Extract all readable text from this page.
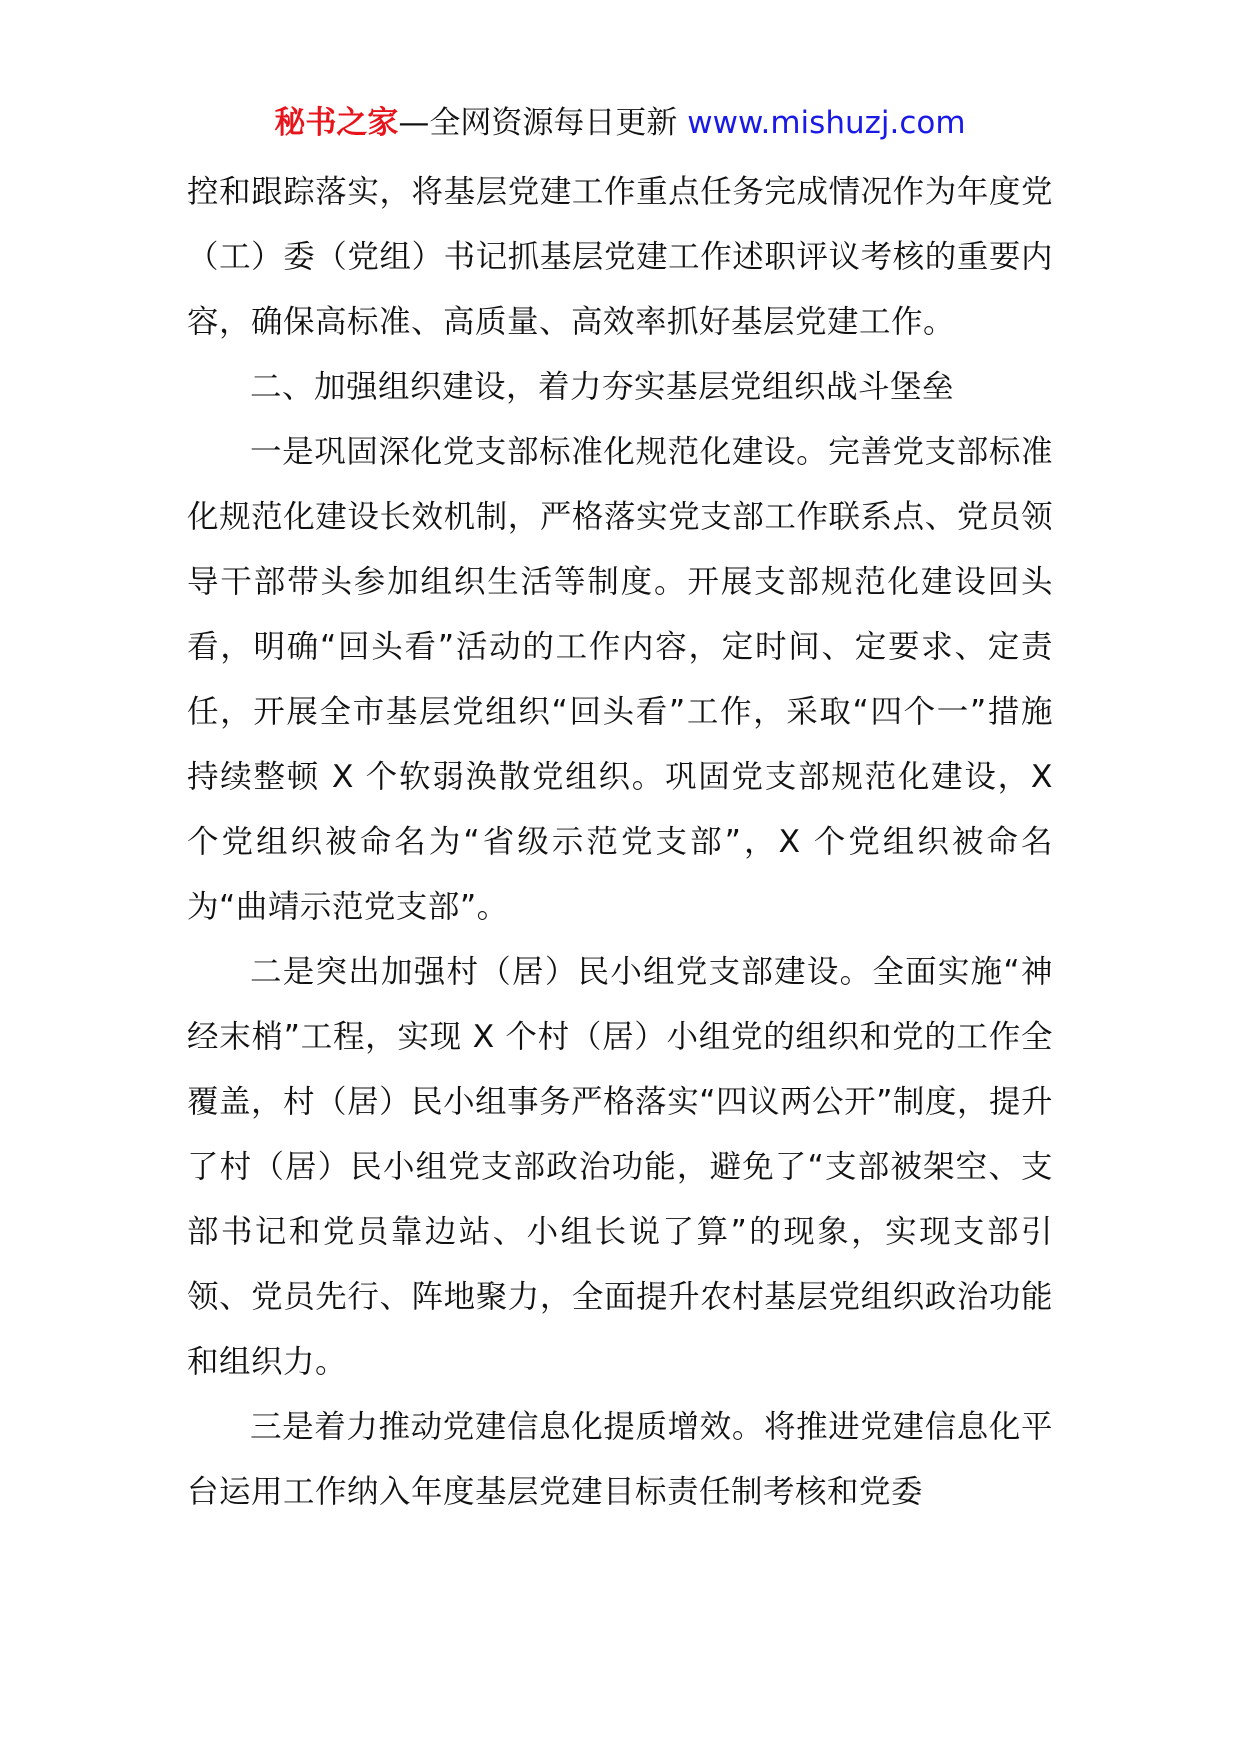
秘书之家—全网资源每日更新 www.mishuzj.com

控和跟踪落实，将基层党建工作重点任务完成情况作为年度党（工）委（党组）书记抓基层党建工作述职评议考核的重要内容，确保高标准、高质量、高效率抓好基层党建工作。

二、加强组织建设，着力夯实基层党组织战斗堡垒

一是巩固深化党支部标准化规范化建设。完善党支部标准化规范化建设长效机制，严格落实党支部工作联系点、党员领导干部带头参加组织生活等制度。开展支部规范化建设回头看，明确“回头看”活动的工作内容，定时间、定要求、定责任，开展全市基层党组织“回头看”工作，采取“四个一”措施持续整顿 X 个软弱涣散党组织。巩固党支部规范化建设，X 个党组织被命名为“省级示范党支部”，X 个党组织被命名为“曲靖示范党支部”。

二是突出加强村（居）民小组党支部建设。全面实施“神经末梢”工程，实现 X 个村（居）小组党的组织和党的工作全覆盖，村（居）民小组事务严格落实“四议两公开”制度，提升了村（居）民小组党支部政治功能，避免了“支部被架空、支部书记和党员靠边站、小组长说了算”的现象，实现支部引领、党员先行、阵地聚力，全面提升农村基层党组织政治功能和组织力。

三是着力推动党建信息化提质增效。将推进党建信息化平台运用工作纳入年度基层党建目标责任制考核和党委
